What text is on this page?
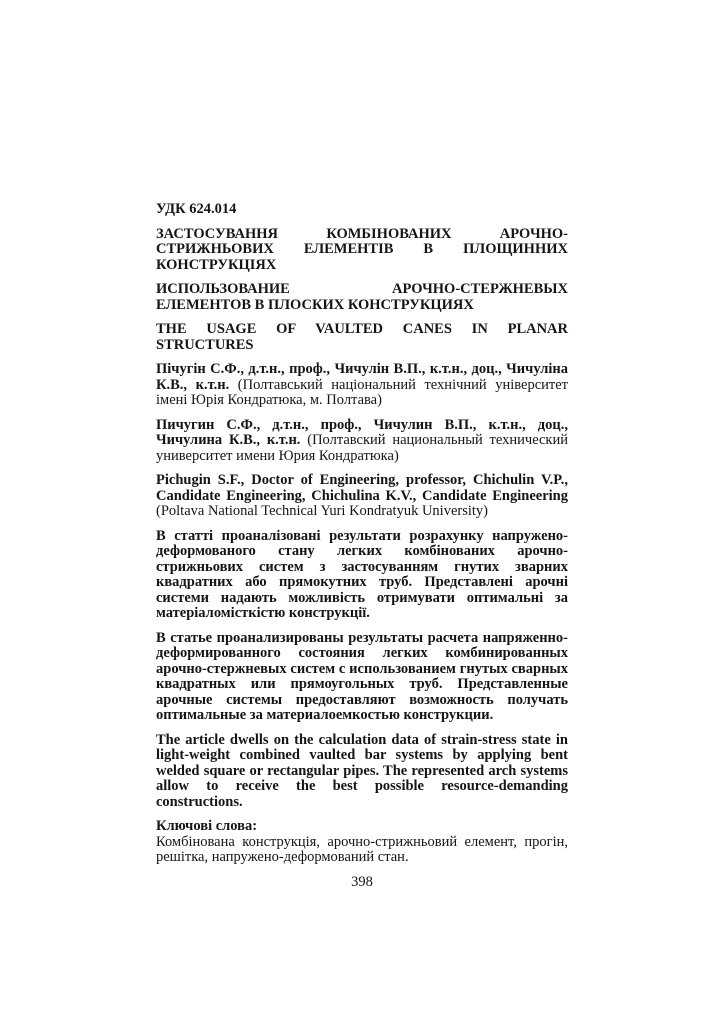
УДК 624.014

ЗАСТОСУВАННЯ КОМБІНОВАНИХ АРОЧНО-СТРИЖНЬОВИХ ЕЛЕМЕНТІВ В ПЛОЩИННИХ КОНСТРУКЦІЯХ

ИСПОЛЬЗОВАНИЕ АРОЧНО-СТЕРЖНЕВЫХ ЕЛЕМЕНТОВ В ПЛОСКИХ КОНСТРУКЦИЯХ

THE USAGE OF VAULTED CANES IN PLANAR STRUCTURES

Пічугін С.Ф., д.т.н., проф., Чичулін В.П., к.т.н., доц., Чичуліна К.В., к.т.н. (Полтавський національний технічний університет імені Юрія Кондратюка, м. Полтава)

Пичугин С.Ф., д.т.н., проф., Чичулин В.П., к.т.н., доц., Чичулина К.В., к.т.н. (Полтавский национальный технический университет имени Юрия Кондратюка)

Pichugin S.F., Doctor of Engineering, professor, Chichulin V.P., Candidate Engineering, Chichulina K.V., Candidate Engineering(Poltava National Technical Yuri Kondratyuk University)

В статті проаналізовані результати розрахунку напружено-деформованого стану легких комбінованих арочно-стрижньових систем з застосуванням гнутих зварних квадратних або прямокутних труб. Представлені арочні системи надають можливість отримувати оптимальні за матеріаломісткістю конструкції.

В статье проанализированы результаты расчета напряженно-деформированного состояния легких комбинированных арочно-стержневых систем с использованием гнутых сварных квадратных или прямоугольных труб. Представленные арочные системы предоставляют возможность получать оптимальные за материалоемкостью конструкции.

The article dwells on the calculation data of strain-stress state in light-weight combined vaulted bar systems by applying bent welded square or rectangular pipes. The represented arch systems allow to receive the best possible resource-demanding constructions.

Ключові слова:
Комбінована конструкція, арочно-стрижньовий елемент, прогін, решітка, напружено-деформований стан.
398
